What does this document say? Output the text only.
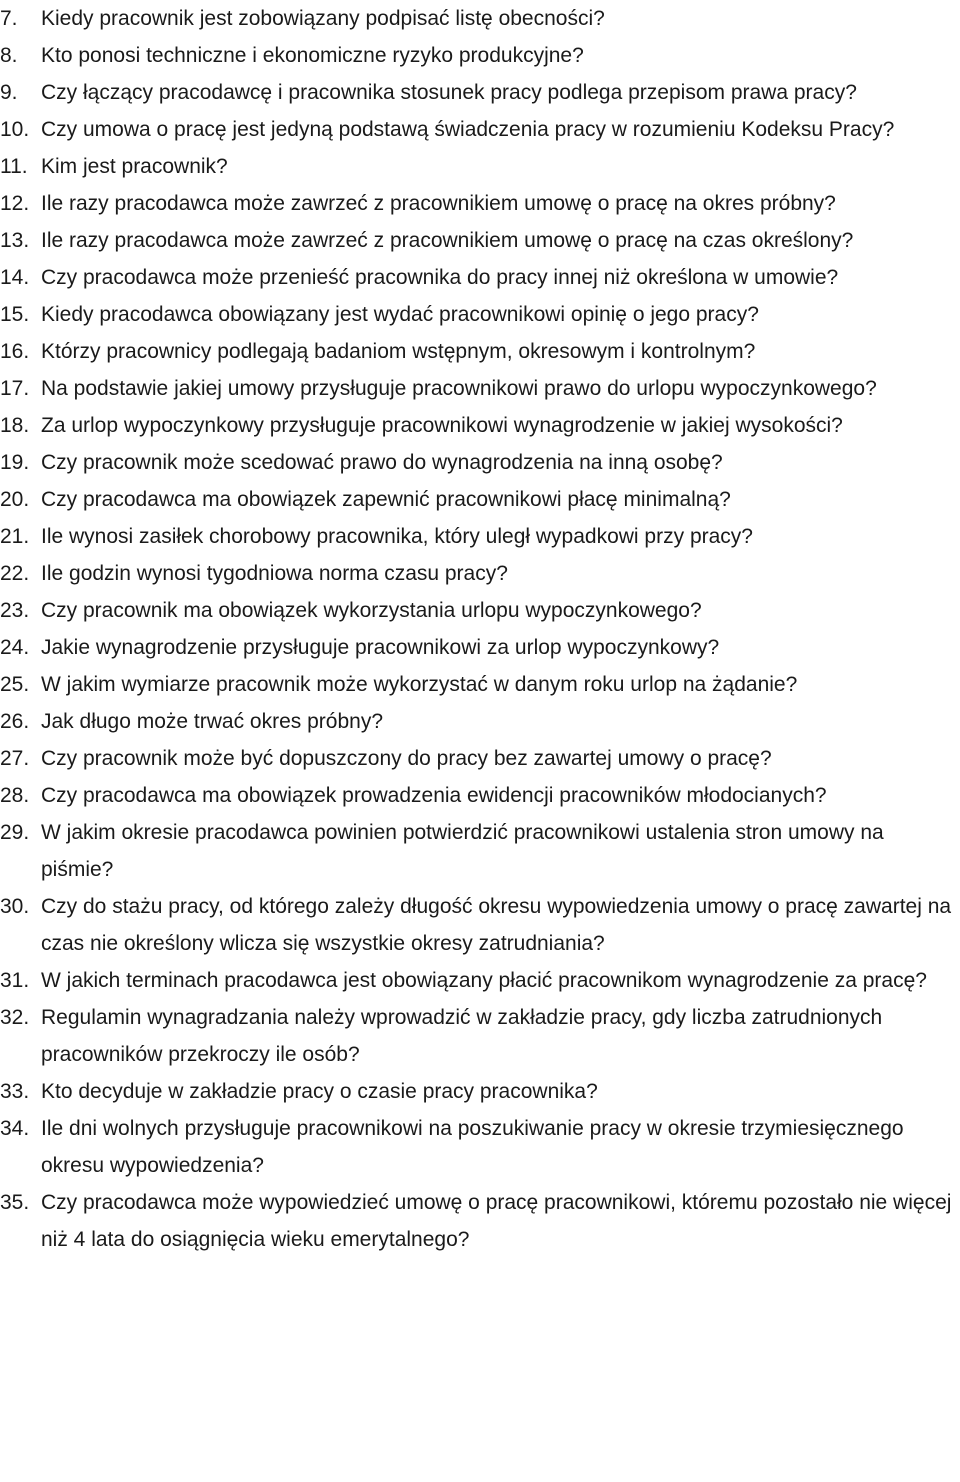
7.	Kiedy pracownik jest zobowiązany podpisać listę obecności?
8.	Kto ponosi techniczne i ekonomiczne ryzyko produkcyjne?
9.	Czy łączący pracodawcę i pracownika stosunek pracy podlega przepisom prawa pracy?
10. Czy umowa o pracę jest jedyną podstawą świadczenia pracy w rozumieniu Kodeksu Pracy?
11. Kim jest pracownik?
12. Ile razy pracodawca może zawrzeć z pracownikiem umowę o pracę na okres próbny?
13. Ile razy pracodawca może zawrzeć z pracownikiem umowę o pracę na czas określony?
14. Czy pracodawca może przenieść pracownika do pracy innej niż określona w umowie?
15. Kiedy pracodawca obowiązany jest wydać pracownikowi opinię o jego pracy?
16. Którzy pracownicy podlegają badaniom wstępnym, okresowym i kontrolnym?
17. Na podstawie jakiej umowy przysługuje pracownikowi prawo do urlopu wypoczynkowego?
18. Za urlop wypoczynkowy przysługuje pracownikowi wynagrodzenie w jakiej wysokości?
19. Czy pracownik może scedować prawo do wynagrodzenia na inną osobę?
20. Czy pracodawca ma obowiązek zapewnić pracownikowi płacę minimalną?
21. Ile wynosi zasiłek chorobowy pracownika, który uległ wypadkowi przy pracy?
22. Ile godzin wynosi tygodniowa norma czasu pracy?
23. Czy pracownik ma obowiązek wykorzystania urlopu wypoczynkowego?
24. Jakie wynagrodzenie przysługuje pracownikowi za urlop wypoczynkowy?
25. W jakim wymiarze pracownik może wykorzystać w danym roku urlop na żądanie?
26. Jak długo może trwać okres próbny?
27. Czy pracownik może być dopuszczony do pracy bez zawartej umowy o pracę?
28. Czy pracodawca ma obowiązek prowadzenia ewidencji pracowników młodocianych?
29. W jakim okresie pracodawca powinien potwierdzić pracownikowi ustalenia stron umowy na piśmie?
30. Czy do stażu pracy, od którego zależy długość okresu wypowiedzenia umowy o pracę zawartej na czas nie określony wlicza się wszystkie okresy zatrudniania?
31. W jakich terminach pracodawca jest obowiązany płacić pracownikom wynagrodzenie za pracę?
32. Regulamin wynagradzania należy wprowadzić w zakładzie pracy, gdy liczba zatrudnionych pracowników przekroczy ile osób?
33. Kto decyduje w zakładzie pracy o czasie pracy pracownika?
34. Ile dni wolnych przysługuje pracownikowi na poszukiwanie pracy w okresie trzymiesięcznego okresu wypowiedzenia?
35. Czy pracodawca może wypowiedzieć umowę o pracę pracownikowi, któremu pozostało nie więcej niż 4 lata do osiągnięcia wieku emerytalnego?
